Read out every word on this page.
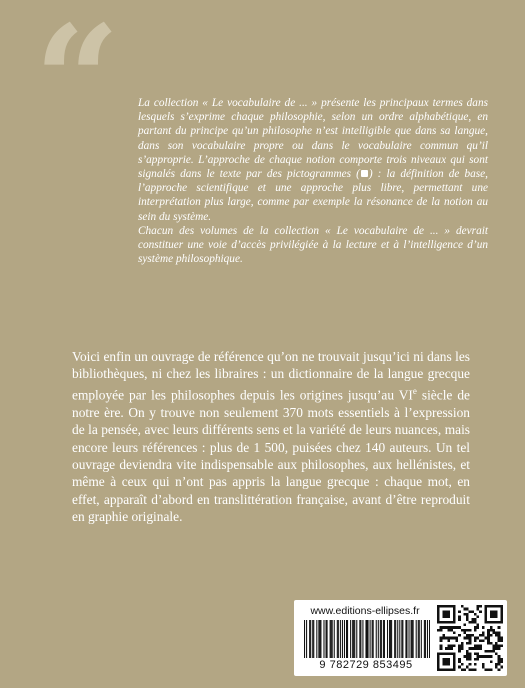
“ La collection « Le vocabulaire de ... » présente les principaux termes dans lesquels s’exprime chaque philosophie, selon un ordre alphabétique, en partant du principe qu’un philosophe n’est intelligible que dans sa langue, dans son vocabulaire propre ou dans le vocabulaire commun qu’il s’approprie. L’approche de chaque notion comporte trois niveaux qui sont signalés dans le texte par des pictogrammes ( ) : la définition de base, l’approche scientifique et une approche plus libre, permettant une interprétation plus large, comme par exemple la résonance de la notion au sein du système.

Chacun des volumes de la collection « Le vocabulaire de ... » devrait constituer une voie d’accès privilégiée à la lecture et à l’intelligence d’un système philosophique.

Voici enfin un ouvrage de référence qu’on ne trouvait jusqu’ici ni dans les bibliothèques, ni chez les libraires : un dictionnaire de la langue grecque employée par les philosophes depuis les origines jusqu’au VIe siècle de notre ère. On y trouve non seulement 370 mots essentiels à l’expression de la pensée, avec leurs différents sens et la variété de leurs nuances, mais encore leurs références : plus de 1 500, puisées chez 140 auteurs. Un tel ouvrage deviendra vite indispensable aux philosophes, aux hellénistes, et même à ceux qui n’ont pas appris la langue grecque : chaque mot, en effet, apparaît d’abord en translittération française, avant d’être reproduit en graphie originale.

www.editions-ellipses.fr
9 782729 853495
